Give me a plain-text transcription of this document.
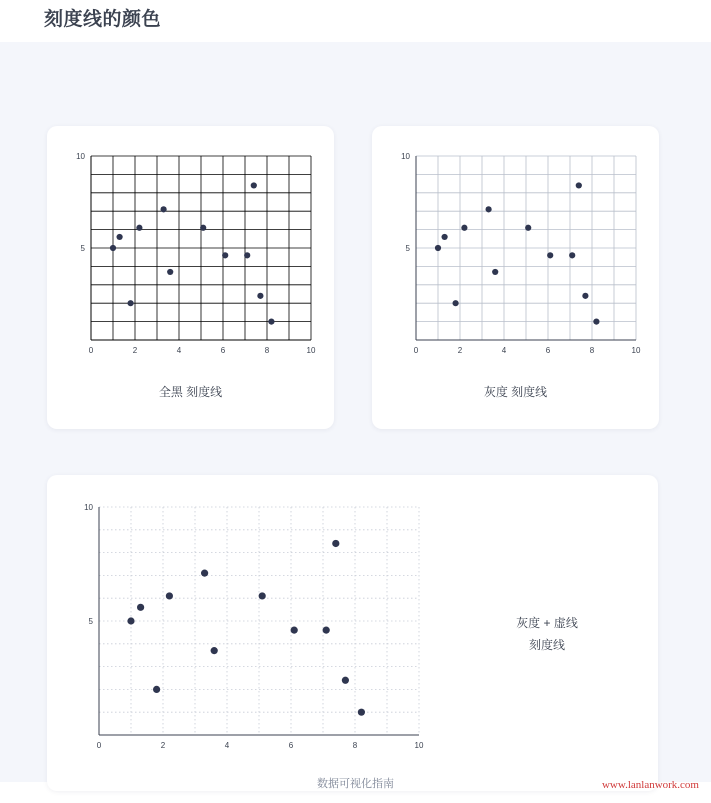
刻度线的颜色
0	2	4	6	8	10
5
10
全黑 刻度线
0	2	4	6	8	10
5
10
灰度 刻度线
0	2	4	6	8	10
5
10
灰度 + 虚线
刻度线
数据可视化指南	www.lanlanwork.com
